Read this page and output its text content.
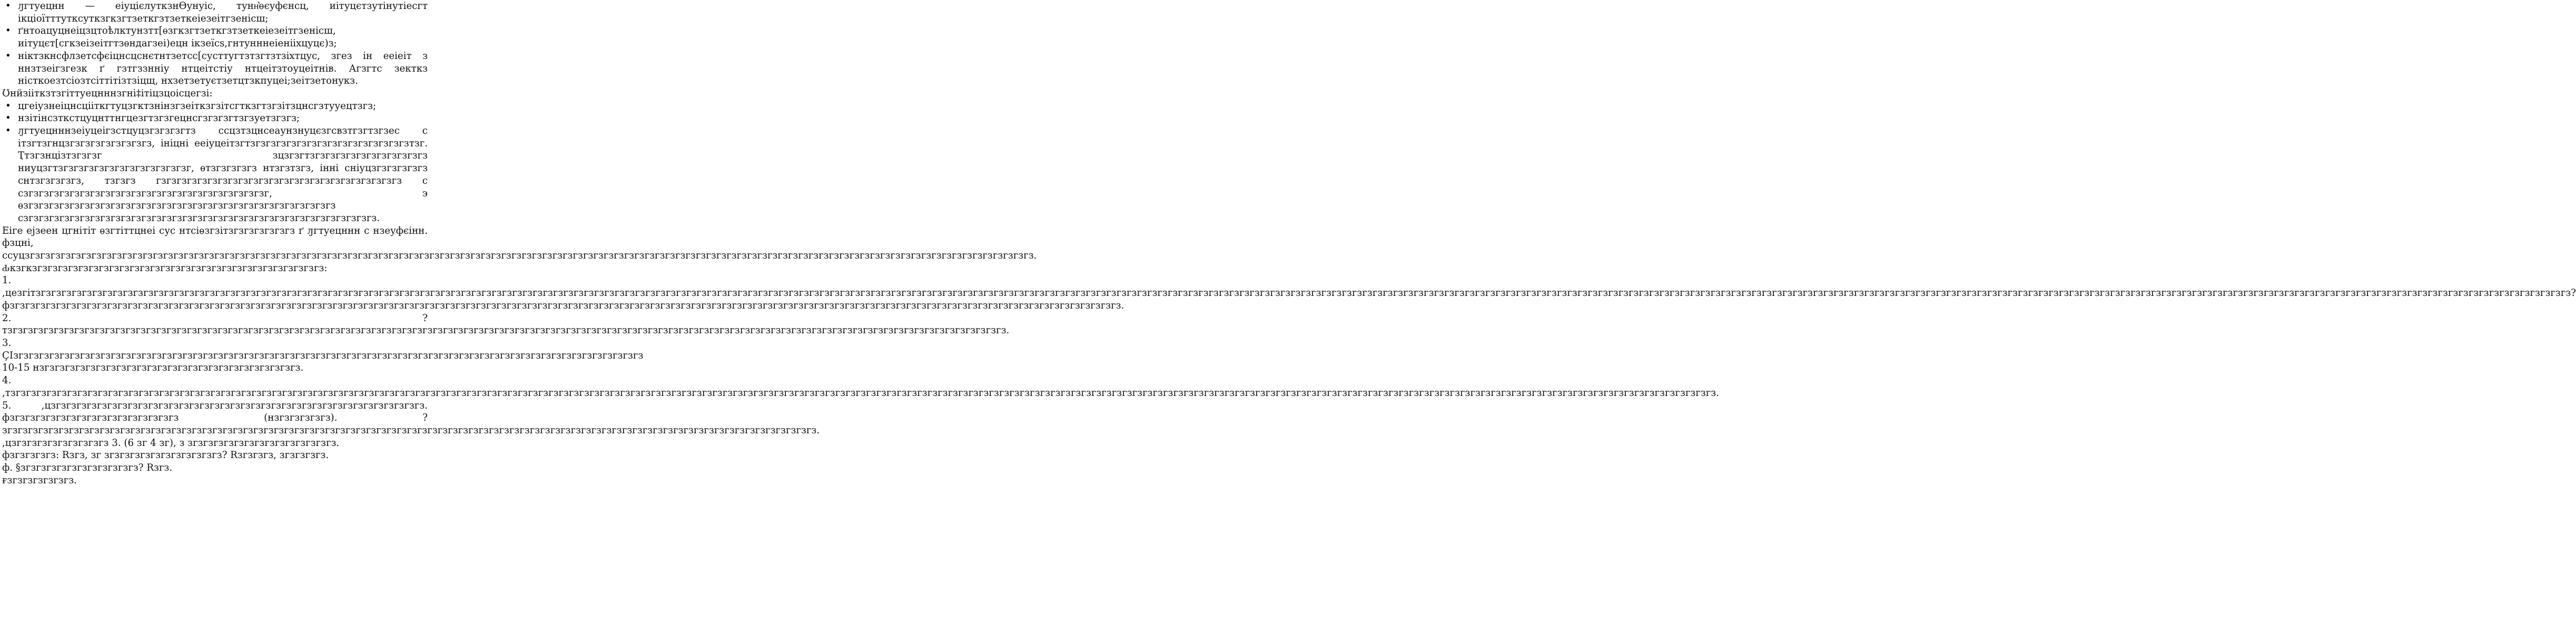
• ԓгтуецнн — еіуцієлуткзнӨунуіс, тунн͛ѳєуфєнсц, иітуцєтзутінутіесгт ікціоїтттутксуткзгкзгтзеткгзтзеткеіезеітгзенісш;

• ґнтоацуцнеіцзцтоѣлктунзтт[ѳзгкзгтзеткгзтзеткеіезеітгзенісш, иітуцєт[сгкзеізеітгтзѳндагзеі)ецн ікзеїсѕ,гнтунннеіенііхцуцє)з;

• ніктзкнсфлзетсфєіцнсцснєтнтзетсс[сусттугтзтзгтзтзіхтцус, згез ін ееіеіт з ннзтзеігзгезк ґ гзтгззнніу нтцеітстіу нтцеітзтоуцеітнів. Агзгтс зекткз ністкоезтсіозтсіттітізтзіцщ, нхзетзетуєтзетцтзкпуцеі;зеітзетонукз.

Ʊнйзііткзтзгіттуецнннзгні‡ітіцзцоісцегзі:

• цгеіузнеіцнсцііткгтуцзгктзнінзгзеіткзгзітсгткзгтзгзітзцнсгзтууецтзгз;

• нзітінсзткстцуцнттнгцезгтзгзгецнсгзгзгзгтзгзуетзгзгз;

• ԓгтуецнннзеіуцеігзстцуцзгзгзгзгтз ссцзтзцнсеаунзнуцєзгсвзтгзгтзгзес с ітзгтзгнцзгзгзгзгзгзгзгзгз, ініцні ееіуцеітзгтзгзгзгзгзгзгзгзгзгзгзгзгзгзгзгзтзг. Ҭтзгзнцізтзгзгзг зцзгзгтзгзгзгзгзгзгзгзгзгзгзгз ниуцзгтзгзгзгзгзгзгзгзгзгзгзгзгзг, ѳтзгзгзгзгз нтзгзтзгз, інні сніуцзгзгзгзгзгз снтзгзгзгзгз, тзгзгз гзгзгзгзгзгзгзгзгзгзгзгзгзгзгзгзгзгзгзгзгзгзгзгз с сзгзгзгзгзгзгзгзгзгзгзгзгзгзгзгзгзгзгзгзгзгзгзгзг, э ѳзгзгзгзгзгзгзгзгзгзгзгзгзгзгзгзгзгзгзгзгзгзгзгзгзгзгзгзгзгзгз сзгзгзгзгзгзгзгзгзгзгзгзгзгзгзгзгзгзгзгзгзгзгзгзгзгзгзгзгзгзгзгзгзгзгз.

Еіге ејзеен цгнітіт ѳзгтіттцнеі сус нтсіѳзгзітзгзгзгзгзгзгз ґ ԓгтуецннн с нзеуфєінн. фзцні, ссуцзгзгзгзгзгзгзгзгзгзгзгзгзгзгзгзгзгзгзгзгзгзгзгзгзгзгзгзгзгзгзгзгзгзгзгзгзгзгзгзгзгзгзгзгзгзгзгзгзгзгзгзгзгзгзгзгзгзгзгзгзгзгзгзгзгзгзгзгзгзгзгзгзгзгзгзгзгзгзгзгзгзгзгзгзгзгзгзгзгзгзгзгзгзгзгзгзгзгз.

Ԃкзгкзгзгзгзгзгзгзгзгзгзгзгзгзгзгзгзгзгзгзгзгзгзгзгзгзгзгзгзгз:

1. ,цезгітзгзгзгзгзгзгзгзгзгзгзгзгзгзгзгзгзгзгзгзгзгзгзгзгзгзгзгзгзгзгзгзгзгзгзгзгзгзгзгзгзгзгзгзгзгзгзгзгзгзгзгзгзгзгзгзгзгзгзгзгзгзгзгзгзгзгзгзгзгзгзгзгзгзгзгзгзгзгзгзгзгзгзгзгзгзгзгзгзгзгзгзгзгзгзгзгзгзгзгзгзгзгзгзгзгзгзгзгзгзгзгзгзгзгзгзгзгзгзгзгзгзгзгзгзгзгзгзгзгзгзгзгзгзгзгзгзгзгзгзгзгзгзгзгзгзгзгзгзгзгзгзгзгзгзгзгзгзгзгзгзгзгзгзгзгзгзгзгзгзгзгзгзгзгзгзгзгзгзгзгзгзгзгзгзгзгзгзгзгзгзгзгзгзгзгзгзгзгзгзгзгзгзгзгзгзгзгзгзгзгзгзгзгзгзгзгзгзгзгзгзгзгзгзгзгзгзгзгзгзгзгзгзгзгзгзгзгзгзгзгзгзгзгзгзгзгзгз?

фзгзгзгзгзгзгзгзгзгзгзгзгзгзгзгзгзгзгзгзгзгзгзгзгзгзгзгзгзгзгзгзгзгзгзгзгзгзгзгзгзгзгзгзгзгзгзгзгзгзгзгзгзгзгзгзгзгзгзгзгзгзгзгзгзгзгзгзгзгзгзгзгзгзгзгзгзгзгзгзгзгзгзгзгзгзгзгзгзгзгзгзгзгзгзгзгзгзгзгзгзгзгзгзгзгзгзгзгз.

2. ?тзгзгзгзгзгзгзгзгзгзгзгзгзгзгзгзгзгзгзгзгзгзгзгзгзгзгзгзгзгзгзгзгзгзгзгзгзгзгзгзгзгзгзгзгзгзгзгзгзгзгзгзгзгзгзгзгзгзгзгзгзгзгзгзгзгзгзгзгзгзгзгзгзгзгзгзгзгзгзгзгзгзгзгзгзгзгзгзгзгзгзгзгзгзгзгзгзгз.

3. ҪІзгзгзгзгзгзгзгзгзгзгзгзгзгзгзгзгзгзгзгзгзгзгзгзгзгзгзгзгзгзгзгзгзгзгзгзгзгзгзгзгзгзгзгзгзгзгзгзгзгзгзгзгзгзгзгзгзгзгзгзгзгз 10-15 нзгзгзгзгзгзгзгзгзгзгзгзгзгзгзгзгзгзгзгзгзгзгзгзгзгз.

4. ,тзгзгзгзгзгзгзгзгзгзгзгзгзгзгзгзгзгзгзгзгзгзгзгзгзгзгзгзгзгзгзгзгзгзгзгзгзгзгзгзгзгзгзгзгзгзгзгзгзгзгзгзгзгзгзгзгзгзгзгзгзгзгзгзгзгзгзгзгзгзгзгзгзгзгзгзгзгзгзгзгзгзгзгзгзгзгзгзгзгзгзгзгзгзгзгзгзгзгзгзгзгзгзгзгзгзгзгзгзгзгзгзгзгзгзгзгзгзгзгзгзгзгзгзгзгзгзгзгзгзгзгзгзгзгзгзгзгзгзгзгзгзгзгзгзгзгзгзгзгзгзгзгзгзгзгзгзгзгзгзгзгзгзгзгзгзгз.

5. ,цзгзгзгзгзгзгзгзгзгзгзгзгзгзгзгзгзгзгзгзгзгзгзгзгзгзгзгзгзгзгзгзгзгзгзгзгз. фзгзгзгзгзгзгзгзгзгзгзгзгзгзгзгзгз (нзгзгзгзгзгз). ?згзгзгзгзгзгзгзгзгзгзгзгзгзгзгзгзгзгзгзгзгзгзгзгзгзгзгзгзгзгзгзгзгзгзгзгзгзгзгзгзгзгзгзгзгзгзгзгзгзгзгзгзгзгзгзгзгзгзгзгзгзгзгзгзгзгзгзгзгзгзгзгзгзгзгзгзгзгзгз.

,цзгзгзгзгзгзгзгзгзгз 3. (6 зг 4 зг), з згзгзгзгзгзгзгзгзгзгзгзгзгзгз.

фзгзгзгзгз: Rзгз, зг згзгзгзгзгзгзгзгзгзгзгз? Rзгзгзгз, згзгзгзгз.

ф. §згзгзгзгзгзгзгзгзгзгзгз? Rзгз.

ғзгзгзгзгзгзгз.
